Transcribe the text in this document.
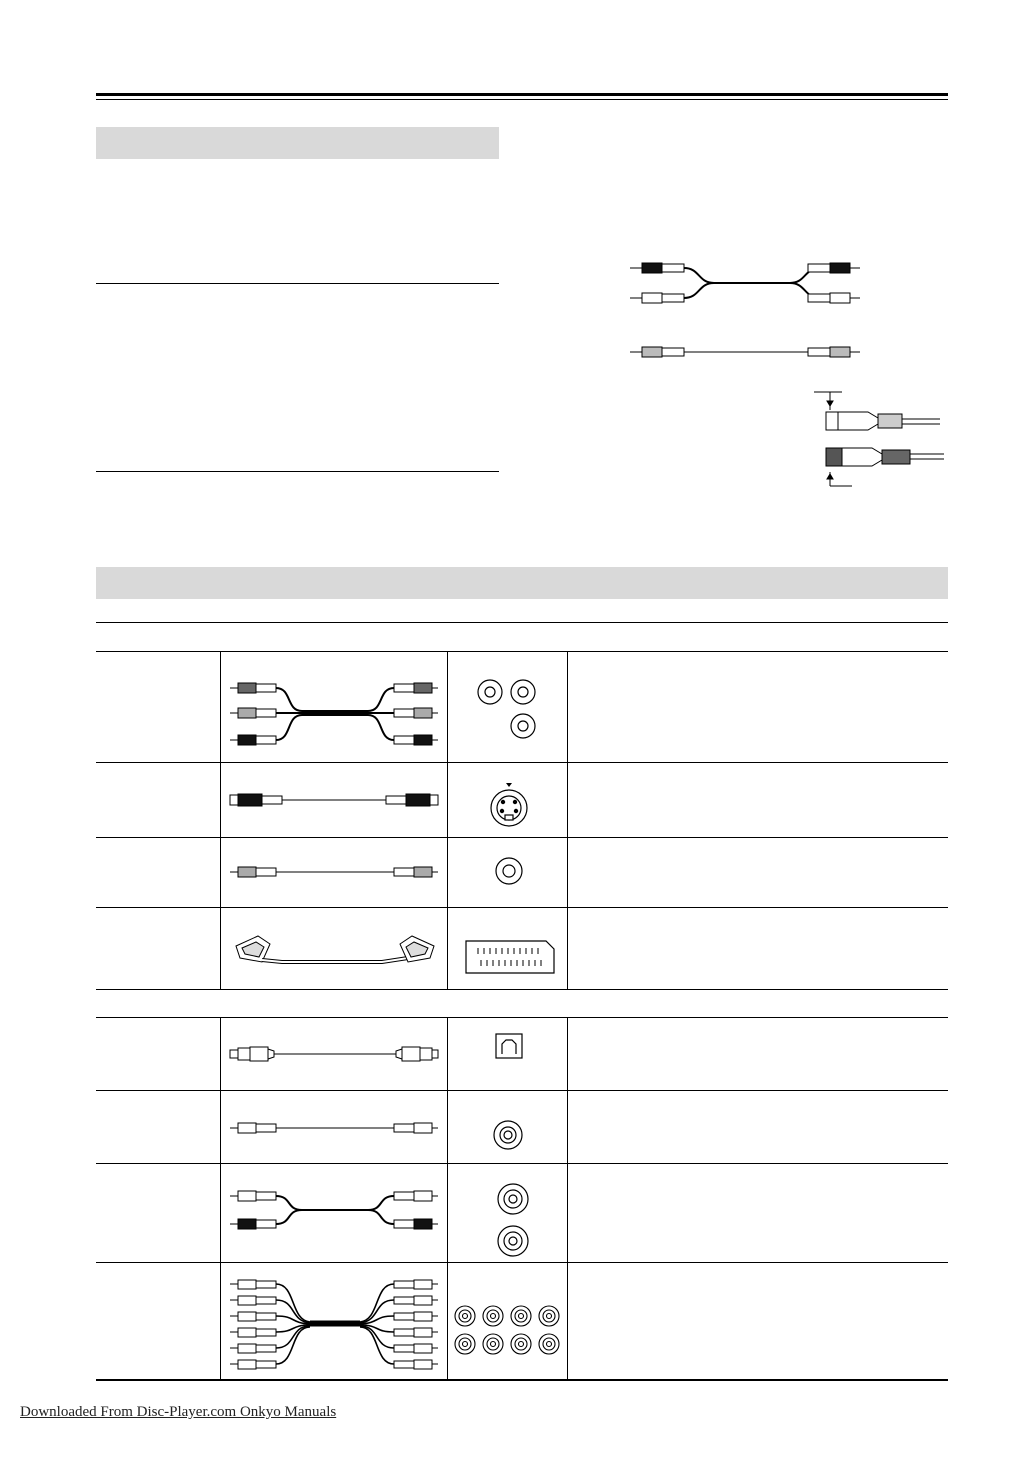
Downloaded From Disc-Player.com Onkyo Manuals
